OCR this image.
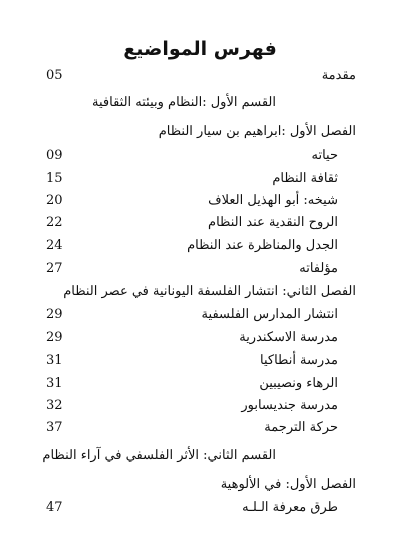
فهرس المواضيع
مقدمة
05
القسم الأول :النظام وبيئته الثقافية
الفصل الأول :ابراهيم بن سيار النظام
حياته
09
ثقافة النظام
15
شيخه: أبو الهذيل العلاف
20
الروح النقدية عند النظام
22
الجدل والمناظرة عند النظام
24
مؤلفاته
27
الفصل الثاني: انتشار الفلسفة اليونانية في عصر النظام
انتشار المدارس الفلسفية
29
مدرسة الاسكندرية
29
مدرسة أنطاكيا
31
الرهاء ونصيبين
31
مدرسة جنديسابور
32
حركة الترجمة
37
القسم الثاني: الأثر الفلسفي في آراء النظام
الفصل الأول: في الألوهية
طرق معرفة الـلـه
47
